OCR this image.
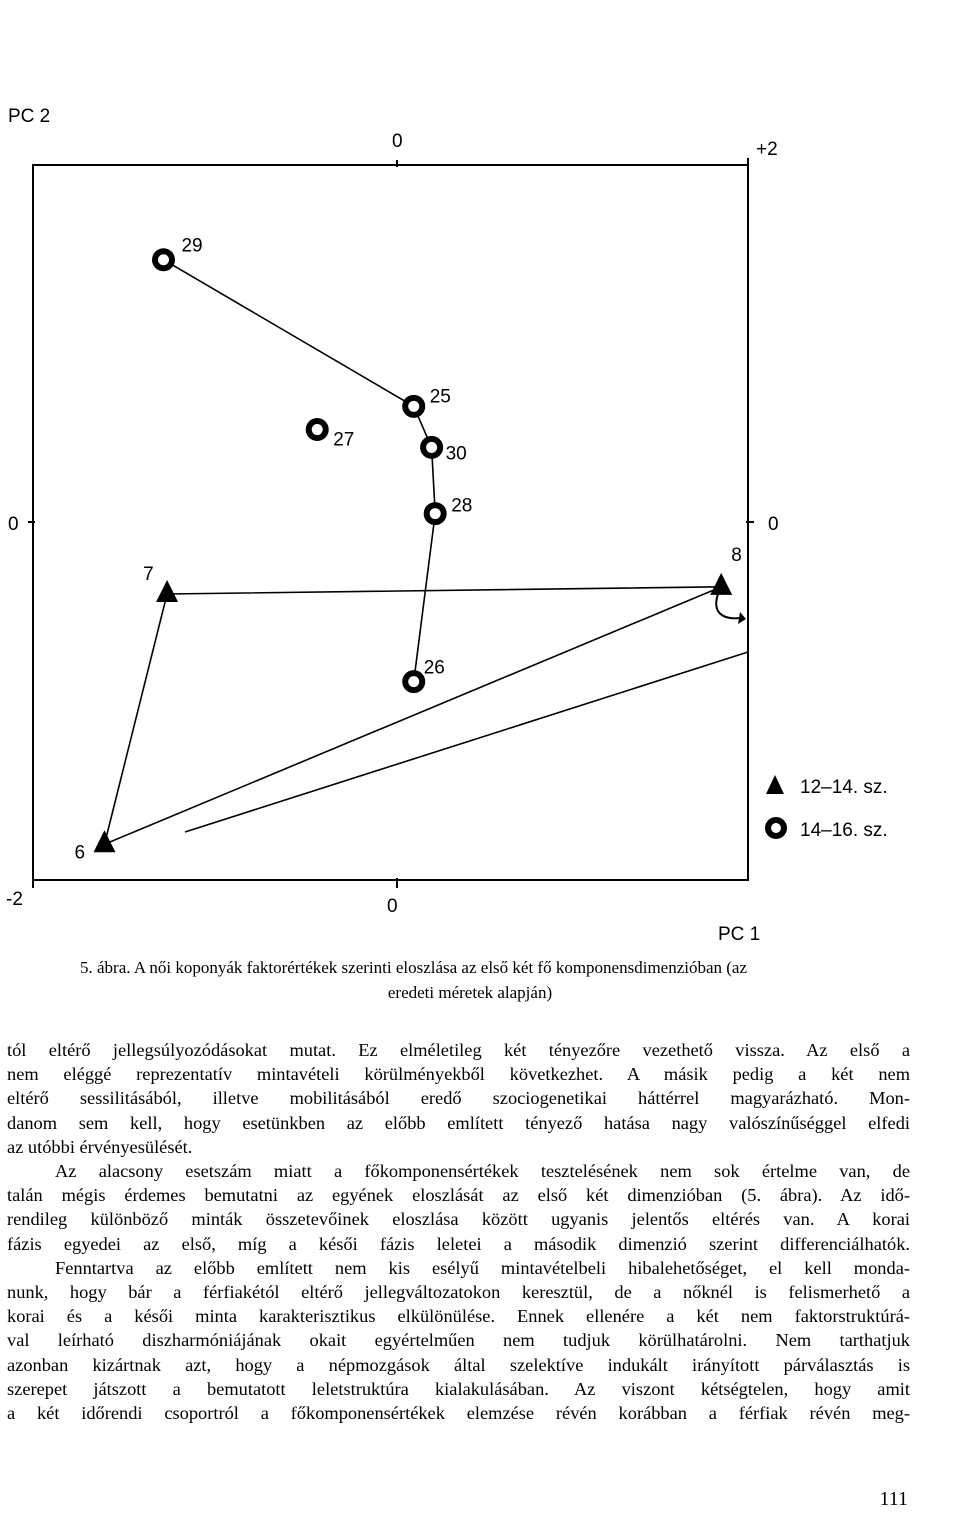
PC 2
0	+2
0	0
-2	0
PC 1
6
7
8
29
27
25
30
28
26
12–14. sz.
14–16. sz.
5. ábra. A női koponyák faktorértékek szerinti eloszlása az első két fő komponensdimenzióban (az
eredeti méretek alapján)
tól eltérő jellegsúlyozódásokat mutat. Ez elméletileg két tényezőre vezethető vissza. Az első a
nem eléggé reprezentatív mintavételi körülményekből következhet. A másik pedig a két nem
eltérő sessilitásából, illetve mobilitásából eredő szociogenetikai háttérrel magyarázható. Mon-
danom sem kell, hogy esetünkben az előbb említett tényező hatása nagy valószínűséggel elfedi
az utóbbi érvényesülését.
Az alacsony esetszám miatt a főkomponensértékek tesztelésének nem sok értelme van, de
talán mégis érdemes bemutatni az egyének eloszlását az első két dimenzióban (5. ábra). Az idő-
rendileg különböző minták összetevőinek eloszlása között ugyanis jelentős eltérés van. A korai
fázis egyedei az első, míg a késői fázis leletei a második dimenzió szerint differenciálhatók.
Fenntartva az előbb említett nem kis esélyű mintavételbeli hibalehetőséget, el kell monda-
nunk, hogy bár a férfiakétól eltérő jellegváltozatokon keresztül, de a nőknél is felismerhető a
korai és a késői minta karakterisztikus elkülönülése. Ennek ellenére a két nem faktorstruktúrá-
val leírható diszharmóniájának okait egyértelműen nem tudjuk körülhatárolni. Nem tarthatjuk
azonban kizártnak azt, hogy a népmozgások által szelektíve indukált irányított párválasztás is
szerepet játszott a bemutatott leletstruktúra kialakulásában. Az viszont kétségtelen, hogy amit
a két időrendi csoportról a főkomponensértékek elemzése révén korábban a férfiak révén meg-
111
